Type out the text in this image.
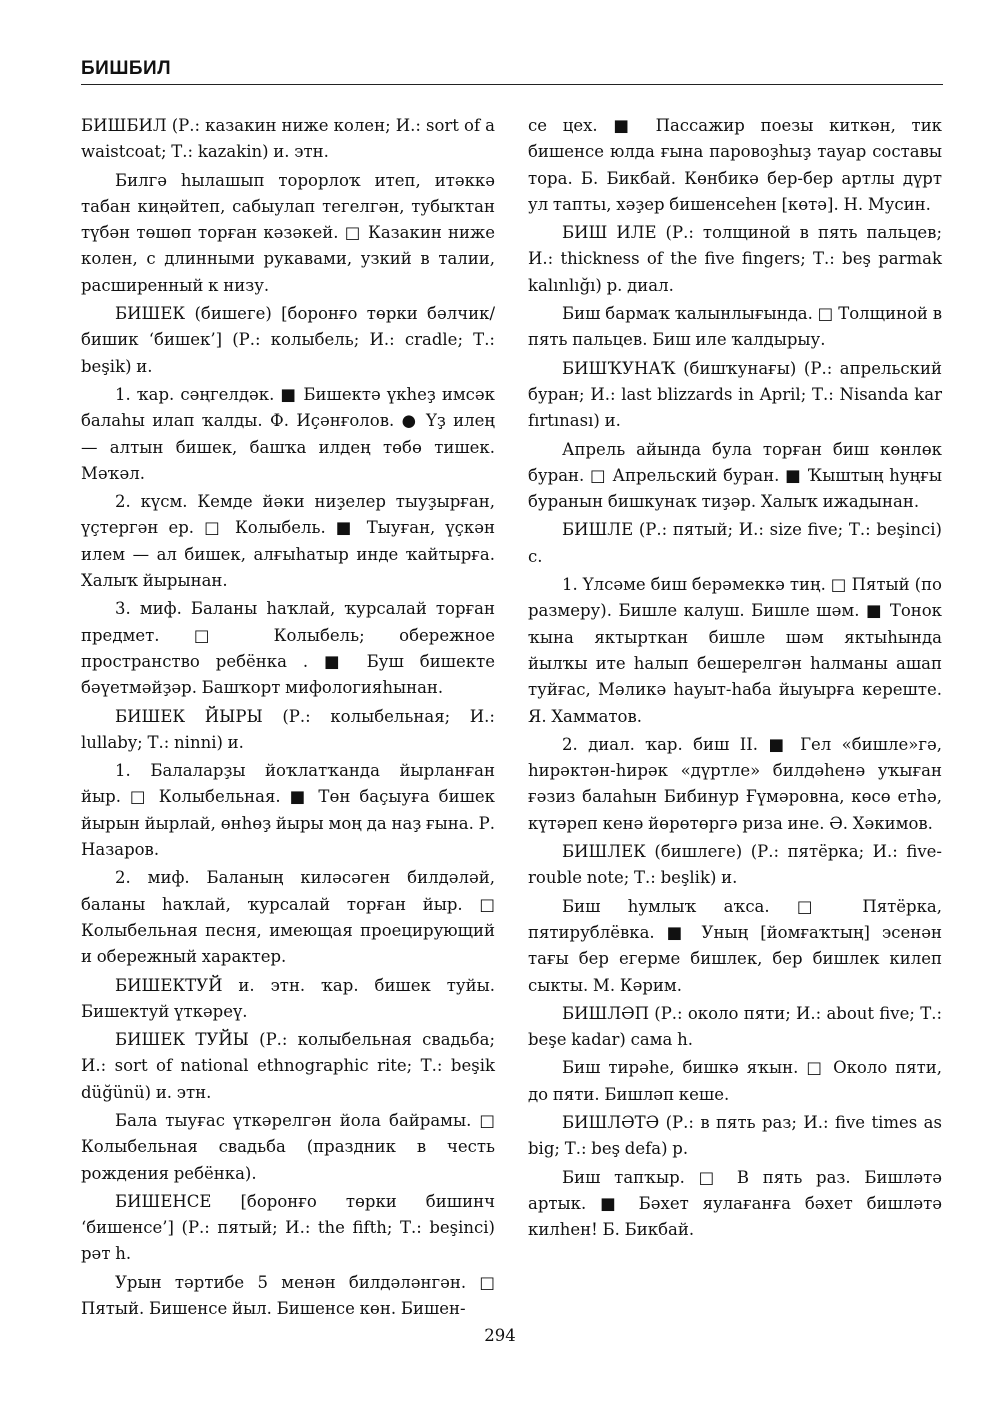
БИШБИЛ

БИШБИЛ (Р.: казакин ниже колен; И.: sort of a waistcoat; Т.: kazakin) и. этн.

Билгә һылашып торорлоҡ итеп, итәккә табан киңәйтеп, сабыулап тегелгән, тубыҡтан түбән төшөп торған кәзәкей. □ Казакин ниже колен, с длинными рукавами, узкий в талии, расширенный к низу.

БИШЕК (бишеге) [боронғо төрки бәлчик/бишик ‘бишек’] (Р.: колыбель; И.: cradle; Т.: beşik) и.

1. ҡар. сәңгелдәк. ■ Бишектә үкһеҙ имсәк балаһы илап ҡалды. Ф. Иҫәнғолов. ● Үҙ илең — алтын бишек, башҡа илдең төбө тишек. Мәҡәл.

2. күсм. Кемде йәки ниҙелер тыуҙырған, үҫтергән ер. □ Колыбель. ■ Тыуған, үҫкән илем — ал бишек, алғыһатыр инде ҡайтырға. Халыҡ йырынан.

3. миф. Баланы һаҡлай, ҡурсалай торған предмет. □ Колыбель; обережное пространство ребёнка . ■ Буш бишекте бәүетмәйҙәр. Башҡорт мифологияһынан.

БИШЕК ЙЫРЫ (Р.: колыбельная; И.: lullaby; Т.: ninni) и.

1. Балаларҙы йоҡлатҡанда йырланған йыр. □ Колыбельная. ■ Төн баҫыуға бишек йырын йырлай, өнһөҙ йыры моң да наҙ ғына. Р. Назаров.

2. миф. Баланың киләсәген билдәләй, баланы һаҡлай, ҡурсалай торған йыр. □ Колыбельная песня, имеющая проецирующий и обережный характер.

БИШЕКТУЙ и. этн. ҡар. бишек туйы. Бишектуй үткәреү.

БИШЕК ТУЙЫ (Р.: колыбельная свадьба; И.: sort of national ethnographic rite; Т.: beşik düğünü) и. этн.

Бала тыуғас үткәрелгән йола байрамы. □ Колыбельная свадьба (праздник в честь рождения ребёнка).

БИШЕНСЕ [боронғо төрки бишинч ‘бишенсе’] (Р.: пятый; И.: the fifth; Т.: beşinci) рәт һ.

Урын тәртибе 5 менән билдәләнгән. □ Пятый. Бишенсе йыл. Бишенсе көн. Бишен-

се цех. ■ Пассажир поезы киткән, тик бишенсе юлда ғына паровоҙһыҙ тауар составы тора. Б. Бикбай. Көнбикә бер-бер артлы дүрт ул таптьı, хәҙер бишенсеһен [көтә]. Н. Мусин.

БИШ ИЛЕ (Р.: толщиной в пять пальцев; И.: thickness of the five fingers; Т.: beş parmak kalınlığı) р. диал.

Биш бармаҡ ҡалынлығында. □ Толщиной в пять пальцев. Биш иле ҡалдырыу.

БИШҠУНАҠ (бишҡунағы) (Р.: апрельский буран; И.: last blizzards in April; Т.: Nisanda kar fırtınası) и.

Апрель айында була торған биш көнлөк буран. □ Апрельский буран. ■ Ҡыштың һуңғы буранын бишкунаҡ тиҙәр. Халыҡ ижадынан.

БИШЛЕ (Р.: пятый; И.: size five; Т.: beşinci) с.

1. Үлсәме биш берәмеккә тиң. □ Пятый (по размеру). Бишле калуш. Бишле шәм. ■ Тонок ҡына яктырткан бишле шәм яктыһында йылҡы ите һалып бешерелгән һалманы ашап туйғас, Мәликә һауыт-һаба йыуырға кереште. Я. Хамматов.

2. диал. ҡар. биш II. ■ Гел «бишле»гә, һирәктән-һирәк «дүртле» билдәһенә уҡыған ғәзиз балаһын Бибинур Ғүмәровна, көсө етһә, күтәреп кенә йөрөтөргә риза ине. Ә. Хәкимов.

БИШЛЕК (бишлеге) (Р.: пятёрка; И.: five-rouble note; Т.: beşlik) и.

Биш һумлыҡ аҡса. □ Пятёрка, пятирублёвка. ■ Уның [йомғаҡтың] эсенән тағы бер егерме бишлек, бер бишлек килеп сыкты. М. Кәрим.

БИШЛӘП (Р.: около пяти; И.: about five; Т.: beşe kadar) сама һ.

Биш тирәһе, бишкә яҡын. □ Около пяти, до пяти. Бишләп кеше.

БИШЛӘТӘ (Р.: в пять раз; И.: five times as big; Т.: beş defa) р.

Биш тапҡыр. □ В пять раз. Бишләтә артык. ■ Бәхет яулағанға бәхет бишләтә килһен! Б. Бикбай.

294
